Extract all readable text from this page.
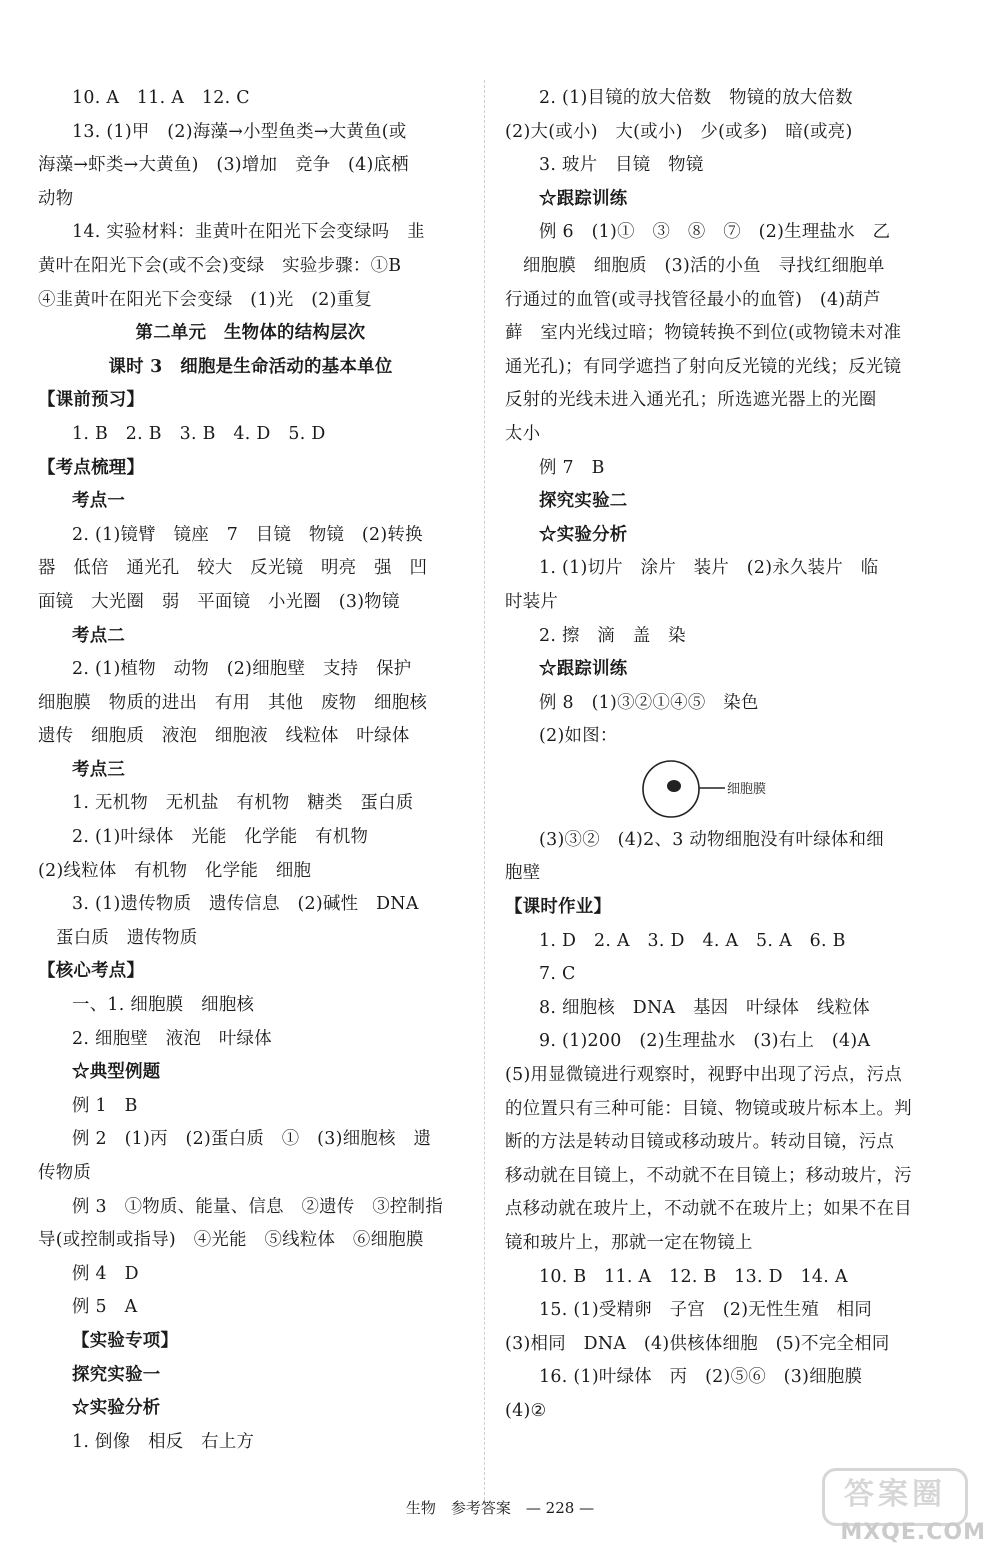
10. A　11. A　12. C
13. (1)甲　(2)海藻→小型鱼类→大黄鱼(或
海藻→虾类→大黄鱼)　(3)增加　竞争　(4)底栖
动物
14. 实验材料：韭黄叶在阳光下会变绿吗　韭
黄叶在阳光下会(或不会)变绿　实验步骤：①B
④韭黄叶在阳光下会变绿　(1)光　(2)重复
第二单元　生物体的结构层次
课时 3　细胞是生命活动的基本单位
【课前预习】
1. B　2. B　3. B　4. D　5. D
【考点梳理】
考点一
2. (1)镜臂　镜座　7　目镜　物镜　(2)转换
器　低倍　通光孔　较大　反光镜　明亮　强　凹
面镜　大光圈　弱　平面镜　小光圈　(3)物镜
考点二
2. (1)植物　动物　(2)细胞壁　支持　保护
细胞膜　物质的进出　有用　其他　废物　细胞核
遗传　细胞质　液泡　细胞液　线粒体　叶绿体
考点三
1. 无机物　无机盐　有机物　糖类　蛋白质
2. (1)叶绿体　光能　化学能　有机物
(2)线粒体　有机物　化学能　细胞
3. (1)遗传物质　遗传信息　(2)碱性　DNA
蛋白质　遗传物质
【核心考点】
一、1. 细胞膜　细胞核
2. 细胞壁　液泡　叶绿体
☆典型例题
例 1　B
例 2　(1)丙　(2)蛋白质　①　(3)细胞核　遗
传物质
例 3　①物质、能量、信息　②遗传　③控制指
导(或控制或指导)　④光能　⑤线粒体　⑥细胞膜
例 4　D
例 5　A
【实验专项】
探究实验一
☆实验分析
1. 倒像　相反　右上方
2. (1)目镜的放大倍数　物镜的放大倍数
(2)大(或小)　大(或小)　少(或多)　暗(或亮)
3. 玻片　目镜　物镜
☆跟踪训练
例 6　(1)①　③　⑧　⑦　(2)生理盐水　乙
细胞膜　细胞质　(3)活的小鱼　寻找红细胞单
行通过的血管(或寻找管径最小的血管)　(4)葫芦
藓　室内光线过暗；物镜转换不到位(或物镜未对准
通光孔)；有同学遮挡了射向反光镜的光线；反光镜
反射的光线未进入通光孔；所选遮光器上的光圈
太小
例 7　B
探究实验二
☆实验分析
1. (1)切片　涂片　装片　(2)永久装片　临
时装片
2. 擦　滴　盖　染
☆跟踪训练
例 8　(1)③②①④⑤　染色
(2)如图：
细胞膜
(3)③②　(4)2、3 动物细胞没有叶绿体和细
胞壁
【课时作业】
1. D　2. A　3. D　4. A　5. A　6. B
7. C
8. 细胞核　DNA　基因　叶绿体　线粒体
9. (1)200　(2)生理盐水　(3)右上　(4)A
(5)用显微镜进行观察时，视野中出现了污点，污点
的位置只有三种可能：目镜、物镜或玻片标本上。判
断的方法是转动目镜或移动玻片。转动目镜，污点
移动就在目镜上，不动就不在目镜上；移动玻片，污
点移动就在玻片上，不动就不在玻片上；如果不在目
镜和玻片上，那就一定在物镜上
10. B　11. A　12. B　13. D　14. A
15. (1)受精卵　子宫　(2)无性生殖　相同
(3)相同　DNA　(4)供核体细胞　(5)不完全相同
16. (1)叶绿体　丙　(2)⑤⑥　(3)细胞膜
(4)②
生物　参考答案　— 228 —	答案圈
MXQE.COM
